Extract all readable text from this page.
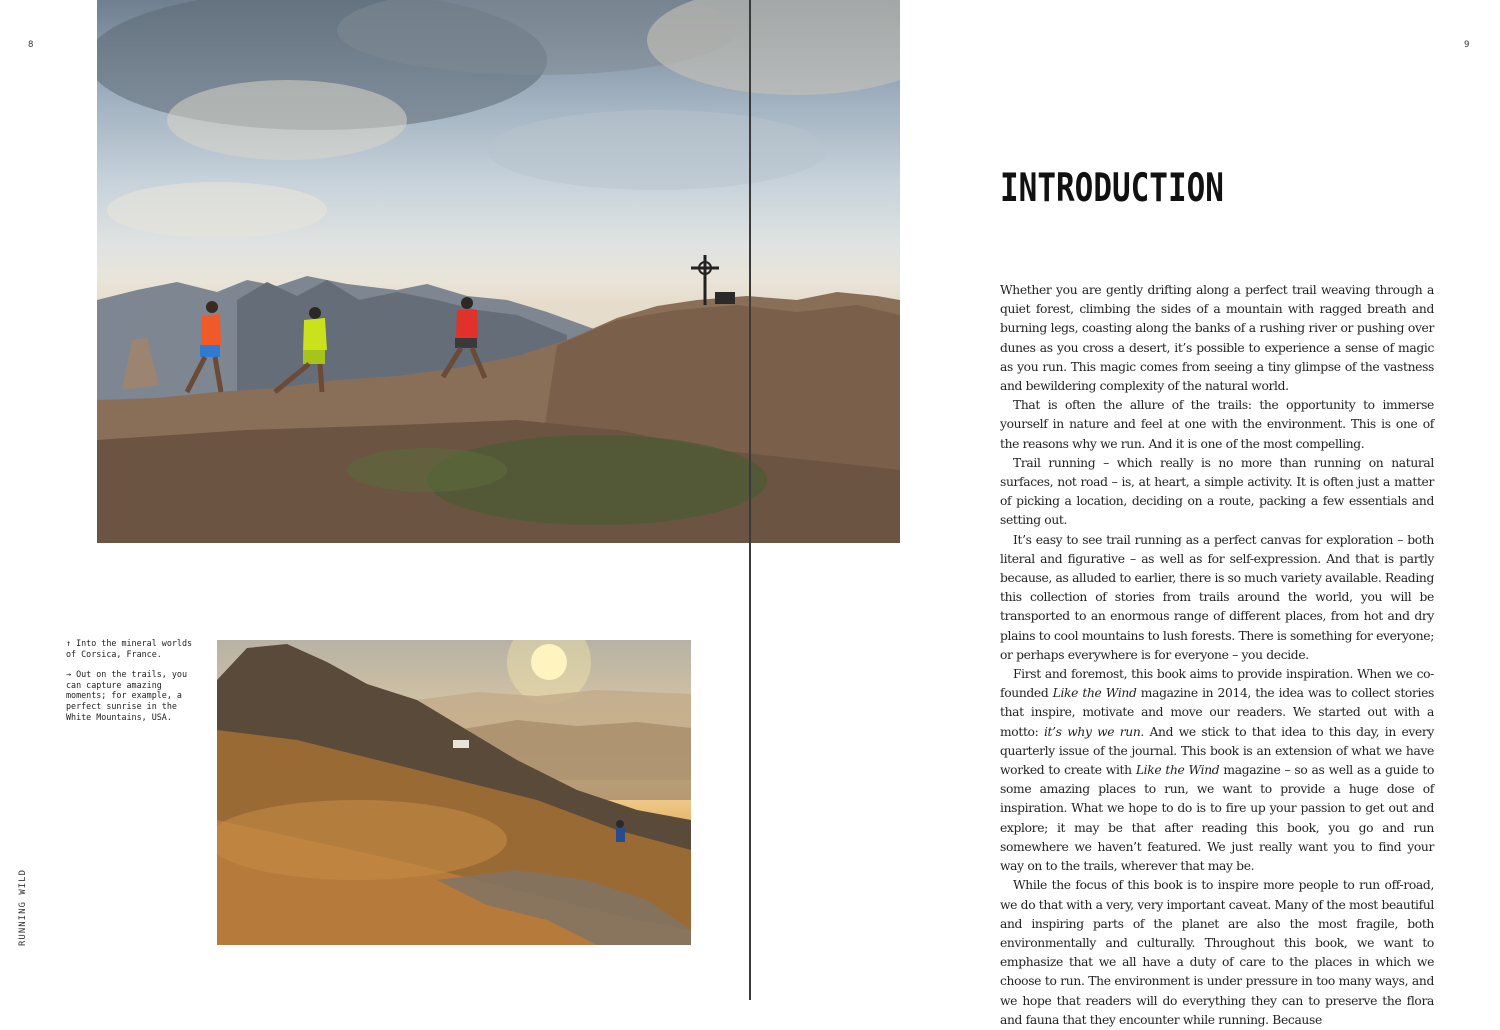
8

↑ Into the mineral worlds of Corsica, France.

→ Out on the trails, you can capture amazing moments; for example, a perfect sunrise in the White Mountains, USA.

RUNNING WILD
9
INTRODUCTION

Whether you are gently drifting along a perfect trail weaving through a quiet forest, climbing the sides of a mountain with ragged breath and burning legs, coasting along the banks of a rushing river or pushing over dunes as you cross a desert, it’s possible to experience a sense of magic as you run. This magic comes from seeing a tiny glimpse of the vastness and bewildering complexity of the natural world.

That is often the allure of the trails: the opportunity to immerse yourself in nature and feel at one with the environment. This is one of the reasons why we run. And it is one of the most compelling.

Trail running – which really is no more than running on natural surfaces, not road – is, at heart, a simple activity. It is often just a matter of picking a location, deciding on a route, packing a few essentials and setting out.

It’s easy to see trail running as a perfect canvas for exploration – both literal and figurative – as well as for self-expression. And that is partly because, as alluded to earlier, there is so much variety available. Reading this collection of stories from trails around the world, you will be transported to an enormous range of different places, from hot and dry plains to cool mountains to lush forests. There is something for everyone; or perhaps everywhere is for everyone – you decide.

First and foremost, this book aims to provide inspiration. When we co-founded Like the Wind magazine in 2014, the idea was to collect stories that inspire, motivate and move our readers. We started out with a motto: it’s why we run. And we stick to that idea to this day, in every quarterly issue of the journal. This book is an extension of what we have worked to create with Like the Wind magazine – so as well as a guide to some amazing places to run, we want to provide a huge dose of inspiration. What we hope to do is to fire up your passion to get out and explore; it may be that after reading this book, you go and run somewhere we haven’t featured. We just really want you to find your way on to the trails, wherever that may be.

While the focus of this book is to inspire more people to run off-road, we do that with a very, very important caveat. Many of the most beautiful and inspiring parts of the planet are also the most fragile, both environmentally and culturally. Throughout this book, we want to emphasize that we all have a duty of care to the places in which we choose to run. The environment is under pressure in too many ways, and we hope that readers will do everything they can to preserve the flora and fauna that they encounter while running. Because
